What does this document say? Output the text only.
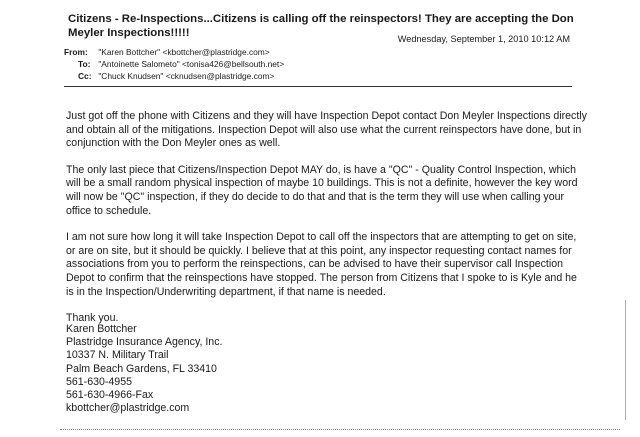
Citizens - Re-Inspections...Citizens is calling off the reinspectors! They are accepting the Don Meyler Inspections!!!!!	Wednesday, September 1, 2010 10:12 AM
From: "Karen Bottcher" <kbottcher@plastridge.com>
To: "Antoinette Salometo" <tonisa426@bellsouth.net>
Cc: "Chuck Knudsen" <cknudsen@plastridge.com>

Just got off the phone with Citizens and they will have Inspection Depot contact Don Meyler Inspections directly
and obtain all of the mitigations. Inspection Depot will also use what the current reinspectors have done, but in
conjunction with the Don Meyler ones as well.

The only last piece that Citizens/Inspection Depot MAY do, is have a "QC" - Quality Control Inspection, which
will be a small random physical inspection of maybe 10 buildings. This is not a definite, however the key word
will now be "QC" inspection, if they do decide to do that and that is the term they will use when calling your
office to schedule.

I am not sure how long it will take Inspection Depot to call off the inspectors that are attempting to get on site,
or are on site, but it should be quickly. I believe that at this point, any inspector requesting contact names for
associations from you to perform the reinspections, can be advised to have their supervisor call Inspection
Depot to confirm that the reinspections have stopped. The person from Citizens that I spoke to is Kyle and he
is in the Inspection/Underwriting department, if that name is needed.

Thank you.

Karen Bottcher
Plastridge Insurance Agency, Inc.
10337 N. Military Trail
Palm Beach Gardens, FL 33410
561-630-4955
561-630-4966-Fax
kbottcher@plastridge.com
